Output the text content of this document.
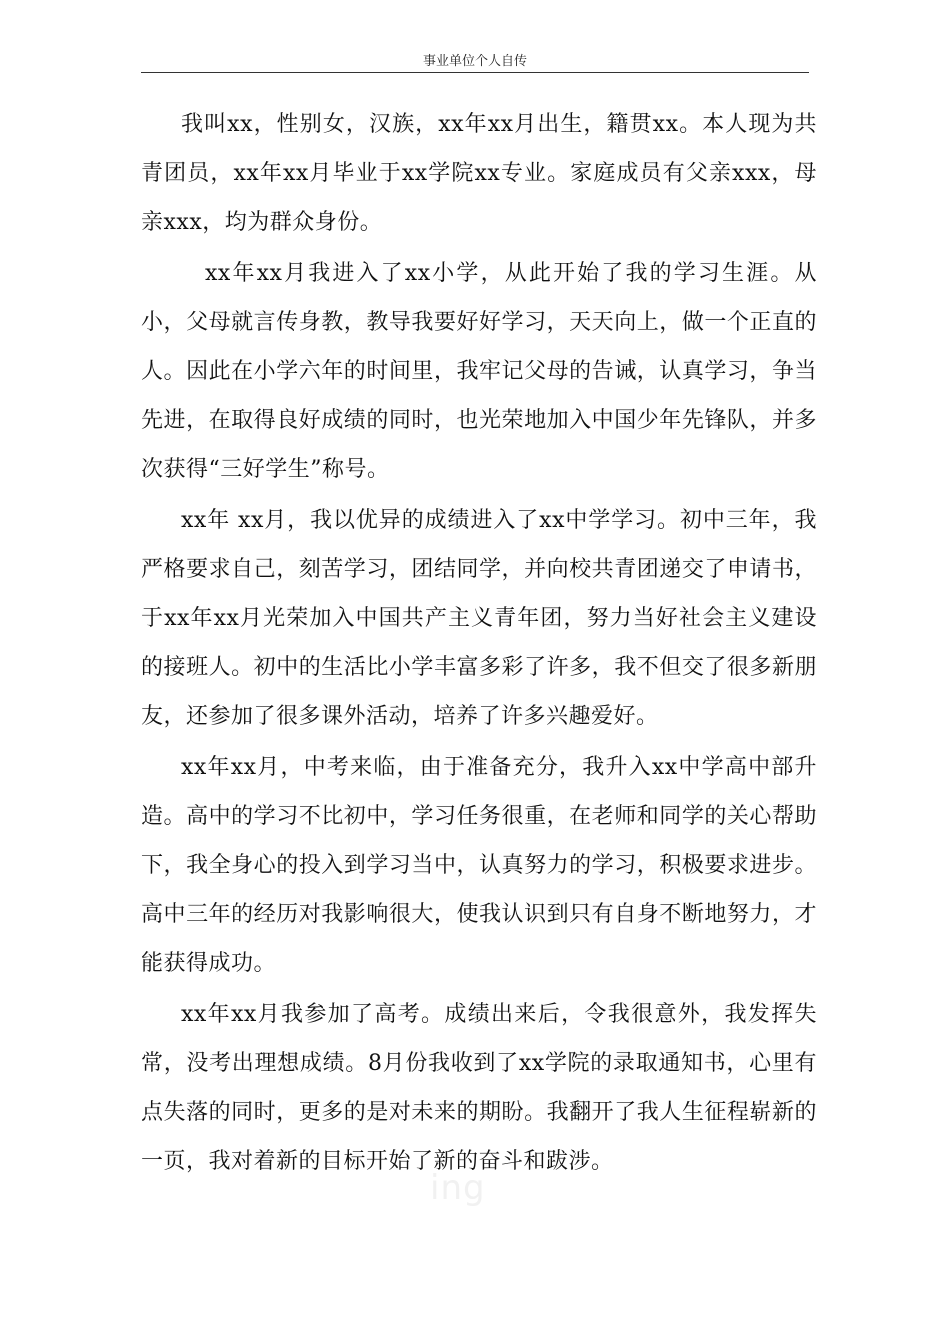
事业单位个人自传

我叫xx，性别女，汉族，xx年xx月出生，籍贯xx。本人现为共青团员，xx年xx月毕业于xx学院xx专业。家庭成员有父亲xxx，母亲xxx，均为群众身份。

xx年xx月我进入了xx小学，从此开始了我的学习生涯。从小，父母就言传身教，教导我要好好学习，天天向上，做一个正直的人。因此在小学六年的时间里，我牢记父母的告诫，认真学习，争当先进，在取得良好成绩的同时，也光荣地加入中国少年先锋队，并多次获得“三好学生”称号。

xx年 xx月，我以优异的成绩进入了xx中学学习。初中三年，我严格要求自己，刻苦学习，团结同学，并向校共青团递交了申请书，于xx年xx月光荣加入中国共产主义青年团，努力当好社会主义建设的接班人。初中的生活比小学丰富多彩了许多，我不但交了很多新朋友，还参加了很多课外活动，培养了许多兴趣爱好。

xx年xx月，中考来临，由于准备充分，我升入xx中学高中部升造。高中的学习不比初中，学习任务很重，在老师和同学的关心帮助下，我全身心的投入到学习当中，认真努力的学习，积极要求进步。高中三年的经历对我影响很大，使我认识到只有自身不断地努力，才能获得成功。

xx年xx月我参加了高考。成绩出来后，令我很意外，我发挥失常，没考出理想成绩。8月份我收到了xx学院的录取通知书，心里有点失落的同时，更多的是对未来的期盼。我翻开了我人生征程崭新的一页，我对着新的目标开始了新的奋斗和跋涉。

ing
